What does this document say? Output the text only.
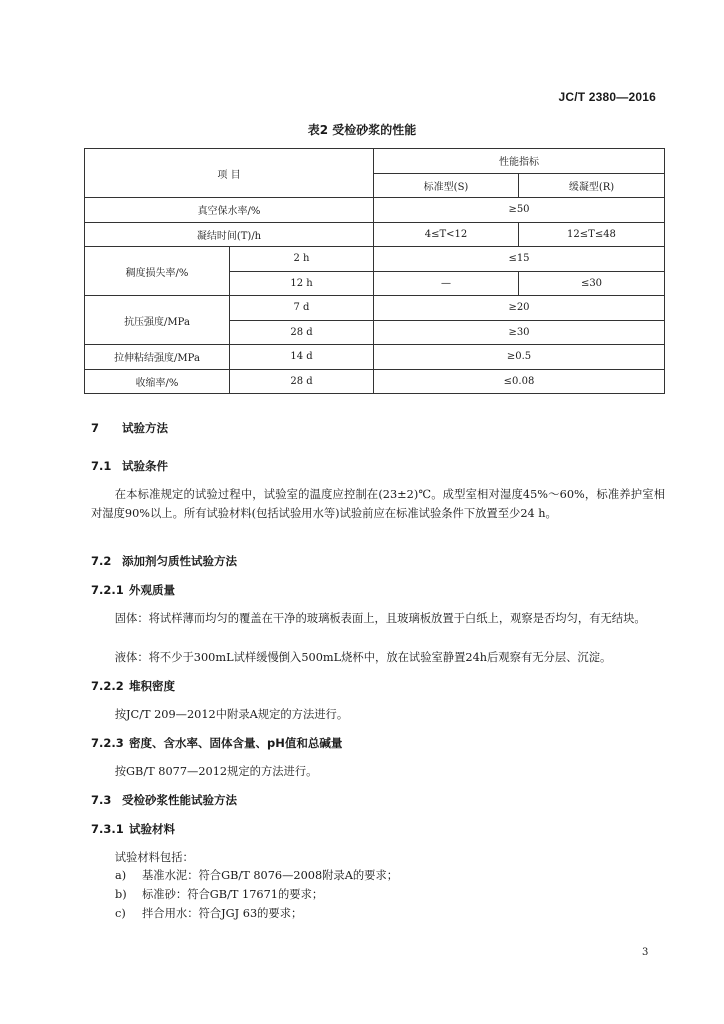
JC/T 2380—2016
表2 受检砂浆的性能
项 目		性能指标	
		标准型(S)	缓凝型(R)
真空保水率/%		≥50	
凝结时间(T)/h		4≤T<12	12≤T≤48
稠度损失率/%	2 h	≤15	
	12 h	—	≤30
抗压强度/MPa	7 d	≥20	
	28 d	≥30	
拉伸粘结强度/MPa	14 d	≥0.5	
收缩率/%	28 d	≤0.08	
7 试验方法
7.1 试验条件
在本标准规定的试验过程中，试验室的温度应控制在(23±2)℃。成型室相对湿度45%～60%，标准养护室相对湿度90%以上。所有试验材料(包括试验用水等)试验前应在标准试验条件下放置至少24 h。
7.2 添加剂匀质性试验方法
7.2.1 外观质量
固体：将试样薄而均匀的覆盖在干净的玻璃板表面上，且玻璃板放置于白纸上，观察是否均匀，有无结块。
液体：将不少于300mL试样缓慢倒入500mL烧杯中，放在试验室静置24h后观察有无分层、沉淀。
7.2.2 堆积密度
按JC/T 209—2012中附录A规定的方法进行。
7.2.3 密度、含水率、固体含量、pH值和总碱量
按GB/T 8077—2012规定的方法进行。
7.3 受检砂浆性能试验方法
7.3.1 试验材料
试验材料包括：
a) 基准水泥：符合GB/T 8076—2008附录A的要求；
b) 标准砂：符合GB/T 17671的要求；
c) 拌合用水：符合JGJ 63的要求；
3
